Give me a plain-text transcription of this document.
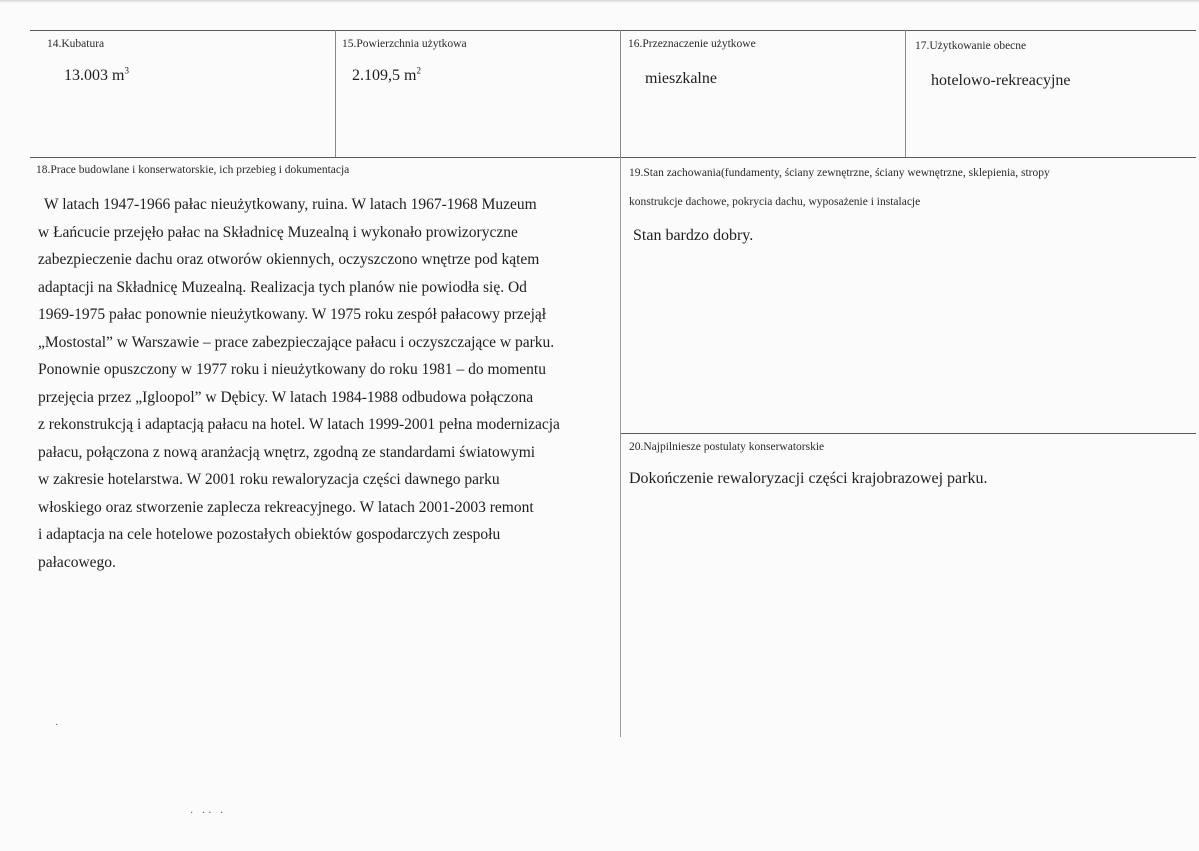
14.Kubatura
13.003 $m^3$
15.Powierzchnia użytkowa
2.109,5 $m^2$
16.Przeznaczenie użytkowe
mieszkalne
17.Użytkowanie obecne
hotelowo-rekreacyjne
18.Prace budowlane i konserwatorskie, ich przebieg i dokumentacja
W latach 1947-1966 pałac nieużytkowany, ruina. W latach 1967-1968 Muzeum
w Łańcucie przejęło pałac na Składnicę Muzealną i wykonało prowizoryczne
zabezpieczenie dachu oraz otworów okiennych, oczyszczono wnętrze pod kątem
adaptacji na Składnicę Muzealną. Realizacja tych planów nie powiodła się. Od
1969-1975 pałac ponownie nieużytkowany. W 1975 roku zespół pałacowy przejął
„Mostostal” w Warszawie – prace zabezpieczające pałacu i oczyszczające w parku.
Ponownie opuszczony w 1977 roku i nieużytkowany do roku 1981 – do momentu
przejęcia przez „Igloopol” w Dębicy. W latach 1984-1988 odbudowa połączona
z rekonstrukcją i adaptacją pałacu na hotel. W latach 1999-2001 pełna modernizacja
pałacu, połączona z nową aranżacją wnętrz, zgodną ze standardami światowymi
w zakresie hotelarstwa. W 2001 roku rewaloryzacja części dawnego parku
włoskiego oraz stworzenie zaplecza rekreacyjnego. W latach 2001-2003 remont
i adaptacja na cele hotelowe pozostałych obiektów gospodarczych zespołu
pałacowego.
19.Stan zachowania(fundamenty, ściany zewnętrzne, ściany wewnętrzne, sklepienia, stropy
konstrukcje dachowe, pokrycia dachu, wyposażenie i instalacje
Stan bardzo dobry.
20.Najpilniesze postulaty konserwatorskie
Dokończenie rewaloryzacji części krajobrazowej parku.
·
· ·· ·
